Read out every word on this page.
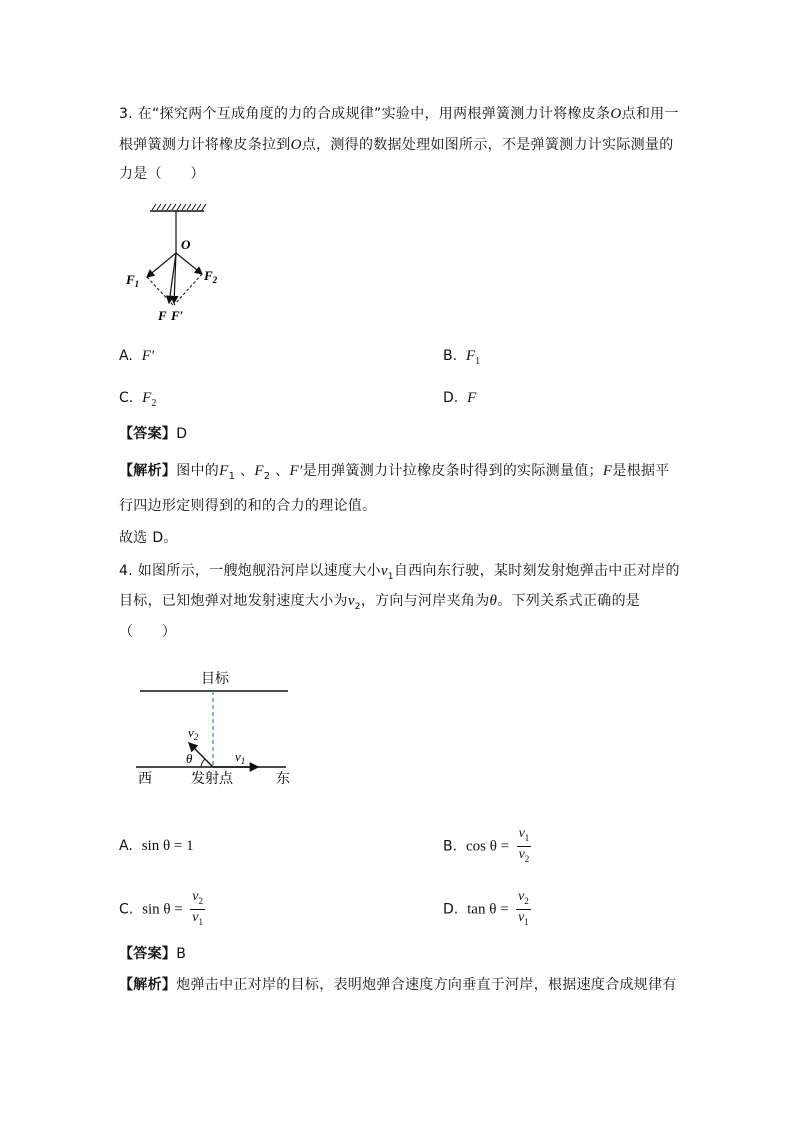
3. 在“探究两个互成角度的力的合成规律”实验中，用两根弹簧测力计将橡皮条O点和用一
根弹簧测力计将橡皮条拉到O点，测得的数据处理如图所示，不是弹簧测力计实际测量的
力是（　　）
O
$F_1$
$F_2$
F F′
A. F′	B. $F_1$
C. $F_2$	D. F
【答案】D
【解析】图中的$F_1$ 、$F_2$ 、F′是用弹簧测力计拉橡皮条时得到的实际测量值；F是根据平
行四边形定则得到的和的合力的理论值。
故选 D。
4. 如图所示，一艘炮舰沿河岸以速度大小$v_1$自西向东行驶，某时刻发射炮弹击中正对岸的
目标，已知炮弹对地发射速度大小为$v_2$，方向与河岸夹角为θ。下列关系式正确的是
（　　）
目标
$v_2$
$v_1$
θ
西	发射点	东
A. sin θ = 1	B. $\cos \theta = \frac{v_1}{v_2}$
C. $\sin \theta = \frac{v_2}{v_1}$	D. $\tan \theta = \frac{v_2}{v_1}$
【答案】B
【解析】炮弹击中正对岸的目标，表明炮弹合速度方向垂直于河岸，根据速度合成规律有
